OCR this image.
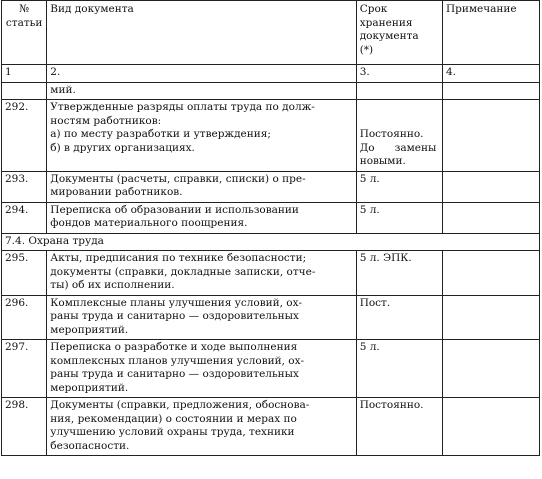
№
статьи	Вид документа	Срок
хранения
документа
(*)	Примечание
1	2.	3.	4.
	мий.		
292.	Утвержденные разряды оплаты труда по долж-
ностям работников:
а) по месту разработки и утверждения;
б) в других организациях.	Постоянно.
До      замены
новыми.	

293.	Документы (расчеты, справки, списки) о пре-
мировании работников.	5 л.	
294.	Переписка об образовании и использовании
фондов материального поощрения.	5 л.	
7.4. Охрана труда			
295.	Акты, предписания по технике безопасности;
документы (справки, докладные записки, отче-
ты) об их исполнении.	5 л. ЭПК.	
296.	Комплексные планы улучшения условий, ох-
раны труда и санитарно — оздоровительных
мероприятий.	Пост.	
297.	Переписка о разработке и ходе выполнения
комплексных планов улучшения условий, ох-
раны труда и санитарно — оздоровительных
мероприятий.	5 л.	
298.	Документы (справки, предложения, обоснова-
ния, рекомендации) о состоянии и мерах по
улучшению условий охраны труда, техники
безопасности.	Постоянно.	
